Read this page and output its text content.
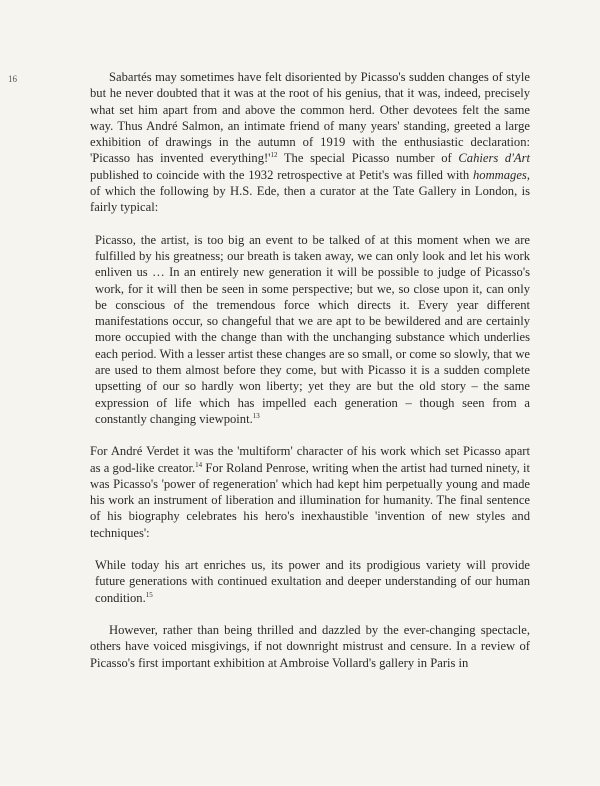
16	Sabartés may sometimes have felt disoriented by Picasso's sudden changes of style but he never doubted that it was at the root of his genius, that it was, indeed, precisely what set him apart from and above the common herd. Other devotees felt the same way. Thus André Salmon, an intimate friend of many years' standing, greeted a large exhibition of drawings in the autumn of 1919 with the enthusiastic declaration: 'Picasso has invented everything!'$^{12}$ The special Picasso number of Cahiers d'Art published to coincide with the 1932 retrospective at Petit's was filled with hommages, of which the following by H.S. Ede, then a curator at the Tate Gallery in London, is fairly typical:

Picasso, the artist, is too big an event to be talked of at this moment when we are fulfilled by his greatness; our breath is taken away, we can only look and let his work enliven us … In an entirely new generation it will be possible to judge of Picasso's work, for it will then be seen in some perspective; but we, so close upon it, can only be conscious of the tremendous force which directs it. Every year different manifestations occur, so changeful that we are apt to be bewildered and are certainly more occupied with the change than with the unchanging substance which underlies each period. With a lesser artist these changes are so small, or come so slowly, that we are used to them almost before they come, but with Picasso it is a sudden complete upsetting of our so hardly won liberty; yet they are but the old story – the same expression of life which has impelled each generation – though seen from a constantly changing viewpoint.$^{13}$

For André Verdet it was the 'multiform' character of his work which set Picasso apart as a god-like creator.$^{14}$ For Roland Penrose, writing when the artist had turned ninety, it was Picasso's 'power of regeneration' which had kept him perpetually young and made his work an instrument of liberation and illumination for humanity. The final sentence of his biography celebrates his hero's inexhaustible 'invention of new styles and techniques':

While today his art enriches us, its power and its prodigious variety will provide future generations with continued exultation and deeper understanding of our human condition.$^{15}$

However, rather than being thrilled and dazzled by the ever-changing spectacle, others have voiced misgivings, if not downright mistrust and censure. In a review of Picasso's first important exhibition at Ambroise Vollard's gallery in Paris in
